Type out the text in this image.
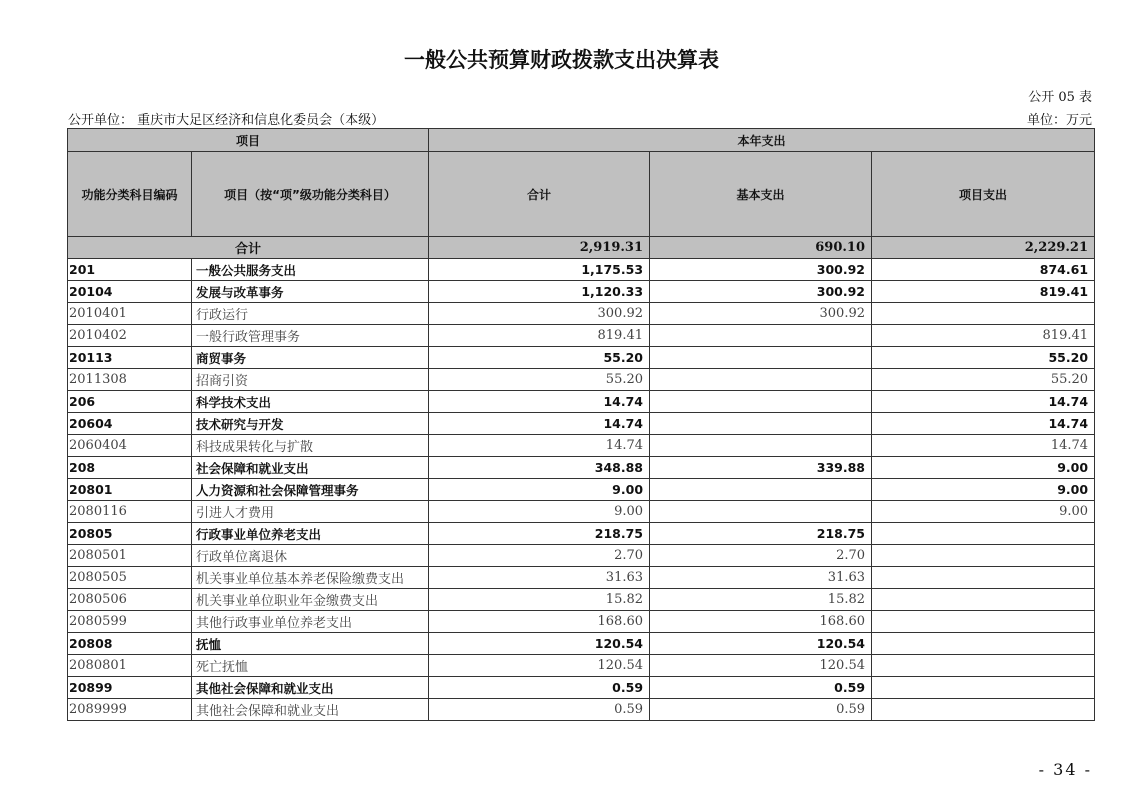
一般公共预算财政拨款支出决算表
公开 05 表
公开单位： 重庆市大足区经济和信息化委员会（本级）	单位：万元
项目		本年支出		
功能分类科目编码	项目（按“项”级功能分类科目）	合计	基本支出	项目支出
合计		2,919.31	690.10	2,229.21
201	一般公共服务支出	1,175.53	300.92	874.61
20104	发展与改革事务	1,120.33	300.92	819.41
2010401	行政运行	300.92	300.92	
2010402	一般行政管理事务	819.41		819.41
20113	商贸事务	55.20		55.20
2011308	招商引资	55.20		55.20
206	科学技术支出	14.74		14.74
20604	技术研究与开发	14.74		14.74
2060404	科技成果转化与扩散	14.74		14.74
208	社会保障和就业支出	348.88	339.88	9.00
20801	人力资源和社会保障管理事务	9.00		9.00
2080116	引进人才费用	9.00		9.00
20805	行政事业单位养老支出	218.75	218.75	
2080501	行政单位离退休	2.70	2.70	
2080505	机关事业单位基本养老保险缴费支出	31.63	31.63	
2080506	机关事业单位职业年金缴费支出	15.82	15.82	
2080599	其他行政事业单位养老支出	168.60	168.60	
20808	抚恤	120.54	120.54	
2080801	死亡抚恤	120.54	120.54	
20899	其他社会保障和就业支出	0.59	0.59	
2089999	其他社会保障和就业支出	0.59	0.59	
- 34 -
